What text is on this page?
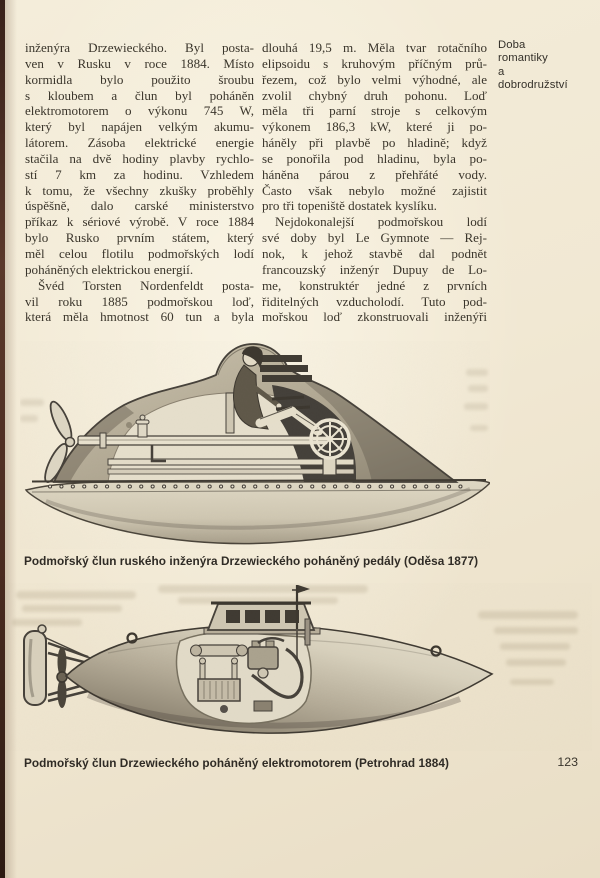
inženýra Drzewieckého. Byl posta-
ven v Rusku v roce 1884. Místo
kormidla bylo použito šroubu
s kloubem a člun byl poháněn
elektromotorem o výkonu 745 W,
který byl napájen velkým akumu-
látorem. Zásoba elektrické energie
stačila na dvě hodiny plavby rychlo-
stí 7 km za hodinu. Vzhledem
k tomu, že všechny zkušky proběhly
úspěšně, dalo carské ministerstvo
příkaz k sériové výrobě. V roce 1884
bylo Rusko prvním státem, který
měl celou flotilu podmořských lodí
poháněných elektrickou energií.
Švéd Torsten Nordenfeldt posta-
vil roku 1885 podmořskou loď,
která měla hmotnost 60 tun a byla
dlouhá 19,5 m. Měla tvar rotačního
elipsoidu s kruhovým příčným prů-
řezem, což bylo velmi výhodné, ale
zvolil chybný druh pohonu. Loď
měla tři parní stroje s celkovým
výkonem 186,3 kW, které ji po-
háněly při plavbě po hladině; když
se ponořila pod hladinu, byla po-
háněna párou z přehřáté vody.
Často však nebylo možné zajistit
pro tři topeniště dostatek kyslíku.
Nejdokonalejší podmořskou lodí
své doby byl Le Gymnote — Rej-
nok, k jehož stavbě dal podnět
francouzský inženýr Dupuy de Lo-
me, konstruktér jedné z prvních
řiditelných vzducholodí. Tuto pod-
mořskou loď zkonstruovali inženýři
Doba
romantiky
a
dobrodružství
Podmořský člun ruského inženýra Drzewieckého poháněný pedály (Oděsa 1877)
Podmořský člun Drzewieckého poháněný elektromotorem (Petrohrad 1884)	123
